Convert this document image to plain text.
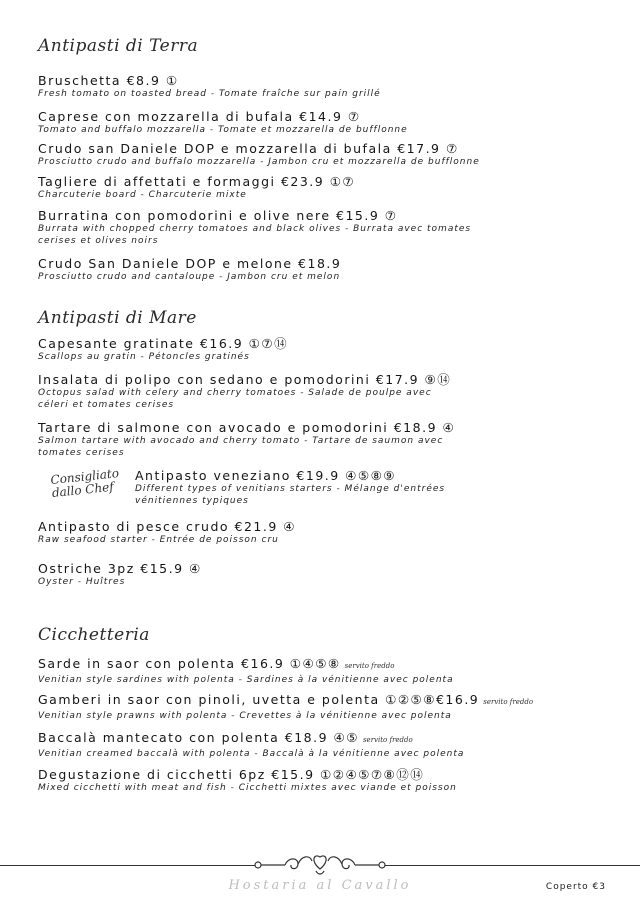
Antipasti di Terra
Bruschetta €8.9 ①
Fresh tomato on toasted bread - Tomate fraîche sur pain grillé
Caprese con mozzarella di bufala €14.9 ⑦
Tomato and buffalo mozzarella - Tomate et mozzarella de bufflonne
Crudo san Daniele DOP e mozzarella di bufala €17.9 ⑦
Prosciutto crudo and buffalo mozzarella - Jambon cru et mozzarella de bufflonne
Tagliere di affettati e formaggi €23.9 ①⑦
Charcuterie board - Charcuterie mixte
Burratina con pomodorini e olive nere €15.9 ⑦
Burrata with chopped cherry tomatoes and black olives - Burrata avec tomates
cerises et olives noirs
Crudo San Daniele DOP e melone €18.9
Prosciutto crudo and cantaloupe - Jambon cru et melon
Antipasti di Mare
Capesante gratinate €16.9 ①⑦⑭
Scallops au gratin - Pétoncles gratinés
Insalata di polipo con sedano e pomodorini €17.9 ⑨⑭
Octopus salad with celery and cherry tomatoes - Salade de poulpe avec
céleri et tomates cerises
Tartare di salmone con avocado e pomodorini €18.9 ④
Salmon tartare with avocado and cherry tomato - Tartare de saumon avec
tomates cerises
Consigliato dallo Chef
Antipasto veneziano €19.9 ④⑤⑧⑨
Different types of venitians starters - Mélange d'entrées
vénitiennes typiques
Antipasto di pesce crudo €21.9 ④
Raw seafood starter - Entrée de poisson cru
Ostriche 3pz €15.9 ④
Oyster - Huîtres
Cicchetteria
Sarde in saor con polenta €16.9 ①④⑤⑧ servito freddo
Venitian style sardines with polenta - Sardines à la vénitienne avec polenta
Gamberi in saor con pinoli, uvetta e polenta ①②⑤⑧€16.9 servito freddo
Venitian style prawns with polenta - Crevettes à la vénitienne avec polenta
Baccalà mantecato con polenta €18.9 ④⑤ servito freddo
Venitian creamed baccalà with polenta - Baccalà à la vénitienne avec polenta
Degustazione di cicchetti 6pz €15.9 ①②④⑤⑦⑧⑫⑭
Mixed cicchetti with meat and fish - Cicchetti mixtes avec viande et poisson
Hostaria al Cavallo	Coperto €3
